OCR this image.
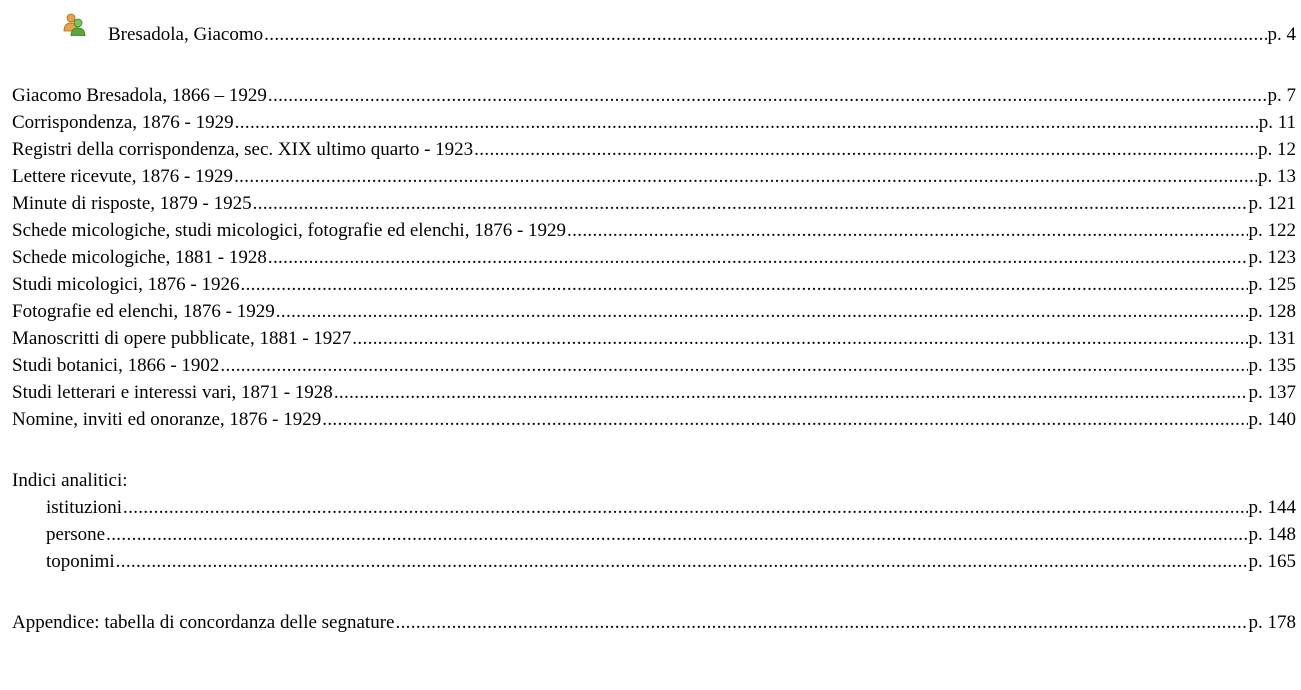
Bresadola, Giacomo . . .	p. 4
Giacomo Bresadola, 1866 – 1929 . . .	p. 7
Corrispondenza, 1876 - 1929 . . .	p. 11
Registri della corrispondenza, sec. XIX ultimo quarto - 1923 . . .	p. 12
Lettere ricevute, 1876 - 1929 . . .	p. 13
Minute di risposte, 1879 - 1925 . . .	p. 121
Schede micologiche, studi micologici, fotografie ed elenchi, 1876 - 1929 . . .	p. 122
Schede micologiche, 1881 - 1928 . . .	p. 123
Studi micologici, 1876 - 1926 . . .	p. 125
Fotografie ed elenchi, 1876 - 1929 . . .	p. 128
Manoscritti di opere pubblicate, 1881 - 1927 . . .	p. 131
Studi botanici, 1866 - 1902 . . .	p. 135
Studi letterari e interessi vari, 1871 - 1928 . . .	p. 137
Nomine, inviti ed onoranze, 1876 - 1929 . . .	p. 140
Indici analitici:
istituzioni . . .	p. 144
persone . . .	p. 148
toponimi . . .	p. 165
Appendice: tabella di concordanza delle segnature . . .	p. 178
